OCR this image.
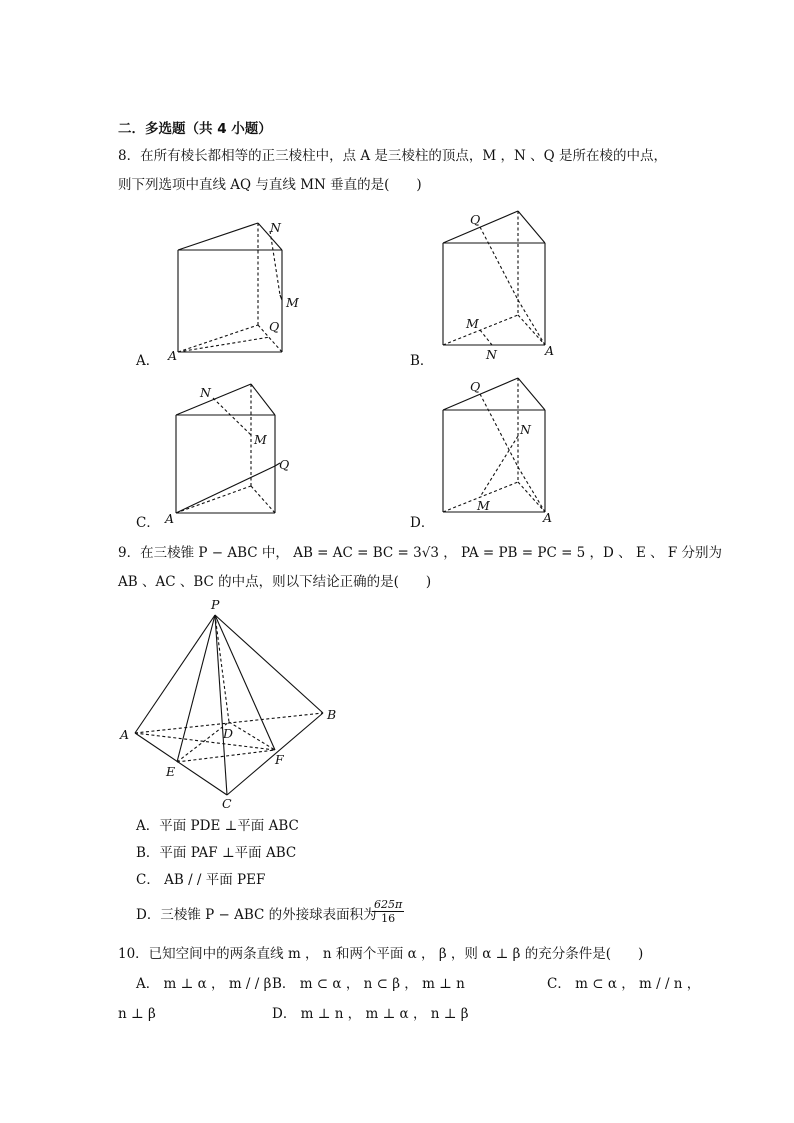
二．多选题（共 4 小题）
8．在所有棱长都相等的正三棱柱中，点 A 是三棱柱的顶点，M ，N 、Q 是所在棱的中点，
则下列选项中直线 AQ 与直线 MN 垂直的是(　　)
N
M
Q
A
A．
Q
M
N	A
B．
N
M
Q
A
C．
Q
N
M
A
D．
9．在三棱锥 P − ABC 中， AB = AC = BC = 3√3 ， PA = PB = PC = 5 ，D 、 E 、 F 分别为
AB 、AC 、BC 的中点，则以下结论正确的是(　　)
P
A
B
C
D
E
F
A．平面 PDE ⊥平面 ABC
B．平面 PAF ⊥平面 ABC
C． AB / / 平面 PEF
D．三棱锥 P − ABC 的外接球表面积为
$\frac{625\pi}{16}$
10．已知空间中的两条直线 m ， n 和两个平面 α ， β ，则 α ⊥ β 的充分条件是(　　)
A． m ⊥ α ， m / / β B． m ⊂ α ， n ⊂ β ， m ⊥ n	C． m ⊂ α ， m / / n ，
n ⊥ β	D． m ⊥ n ， m ⊥ α ， n ⊥ β
